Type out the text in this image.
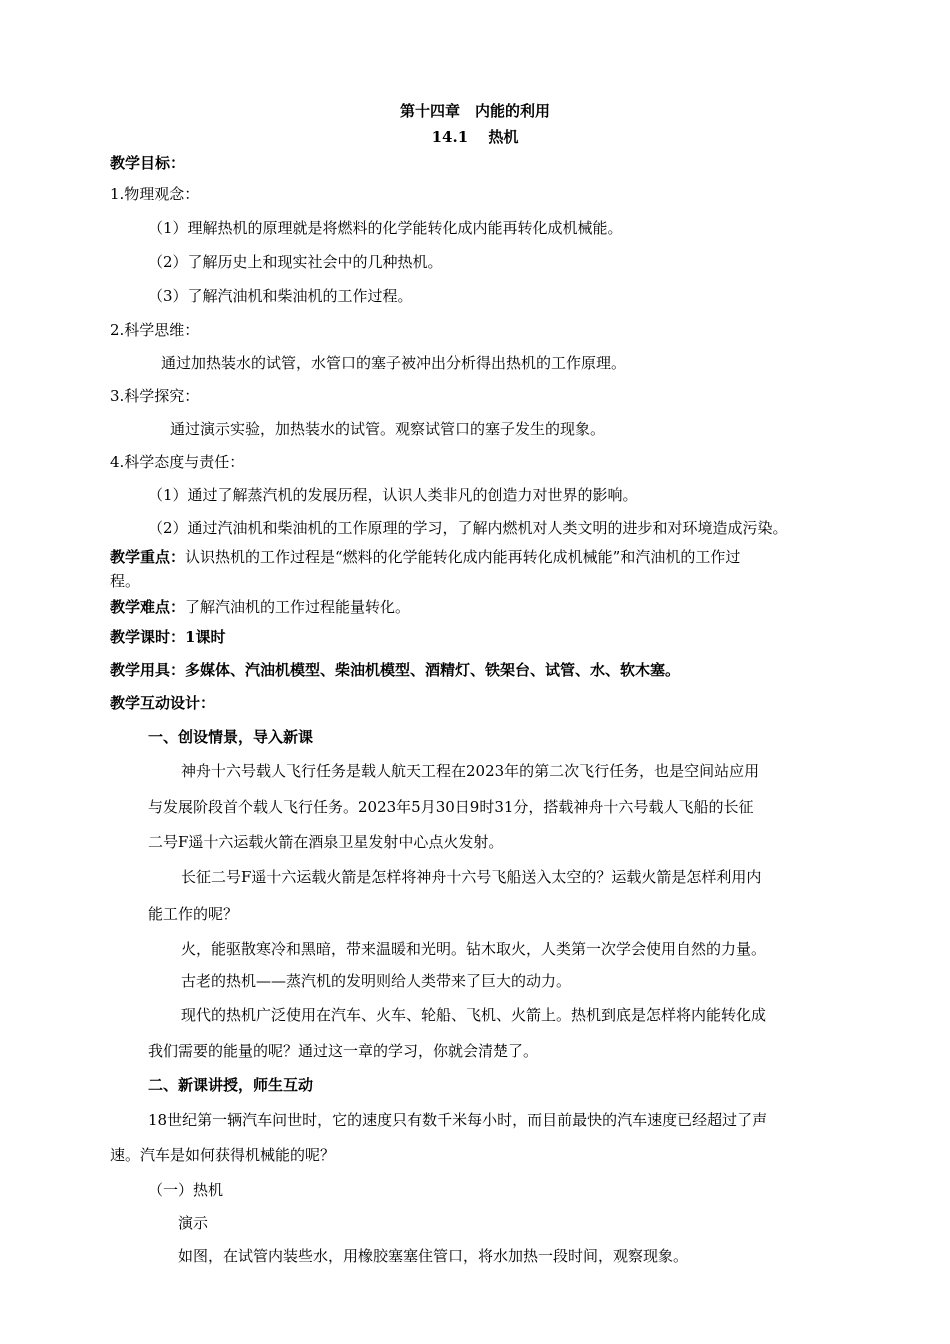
第十四章　内能的利用
14.1　 热机
教学目标：
1.物理观念：
（1）理解热机的原理就是将燃料的化学能转化成内能再转化成机械能。
（2）了解历史上和现实社会中的几种热机。
（3）了解汽油机和柴油机的工作过程。
2.科学思维：
通过加热装水的试管，水管口的塞子被冲出分析得出热机的工作原理。
3.科学探究：
通过演示实验，加热装水的试管。观察试管口的塞子发生的现象。
4.科学态度与责任：
（1）通过了解蒸汽机的发展历程，认识人类非凡的创造力对世界的影响。
（2）通过汽油机和柴油机的工作原理的学习，了解内燃机对人类文明的进步和对环境造成污染。
教学重点：认识热机的工作过程是“燃料的化学能转化成内能再转化成机械能”和汽油机的工作过
程。
教学难点：了解汽油机的工作过程能量转化。
教学课时：1课时
教学用具：多媒体、汽油机模型、柴油机模型、酒精灯、铁架台、试管、水、软木塞。
教学互动设计：
一、创设情景，导入新课
神舟十六号载人飞行任务是载人航天工程在2023年的第二次飞行任务，也是空间站应用
与发展阶段首个载人飞行任务。2023年5月30日9时31分，搭载神舟十六号载人飞船的长征
二号F遥十六运载火箭在酒泉卫星发射中心点火发射。
长征二号F遥十六运载火箭是怎样将神舟十六号飞船送入太空的？运载火箭是怎样利用内
能工作的呢？
火，能驱散寒冷和黑暗，带来温暖和光明。钻木取火，人类第一次学会使用自然的力量。
古老的热机——蒸汽机的发明则给人类带来了巨大的动力。
现代的热机广泛使用在汽车、火车、轮船、飞机、火箭上。热机到底是怎样将内能转化成
我们需要的能量的呢？通过这一章的学习，你就会清楚了。
二、新课讲授，师生互动
18世纪第一辆汽车问世时，它的速度只有数千米每小时，而目前最快的汽车速度已经超过了声
速。汽车是如何获得机械能的呢？
（一）热机
演示
如图，在试管内装些水，用橡胶塞塞住管口，将水加热一段时间，观察现象。
